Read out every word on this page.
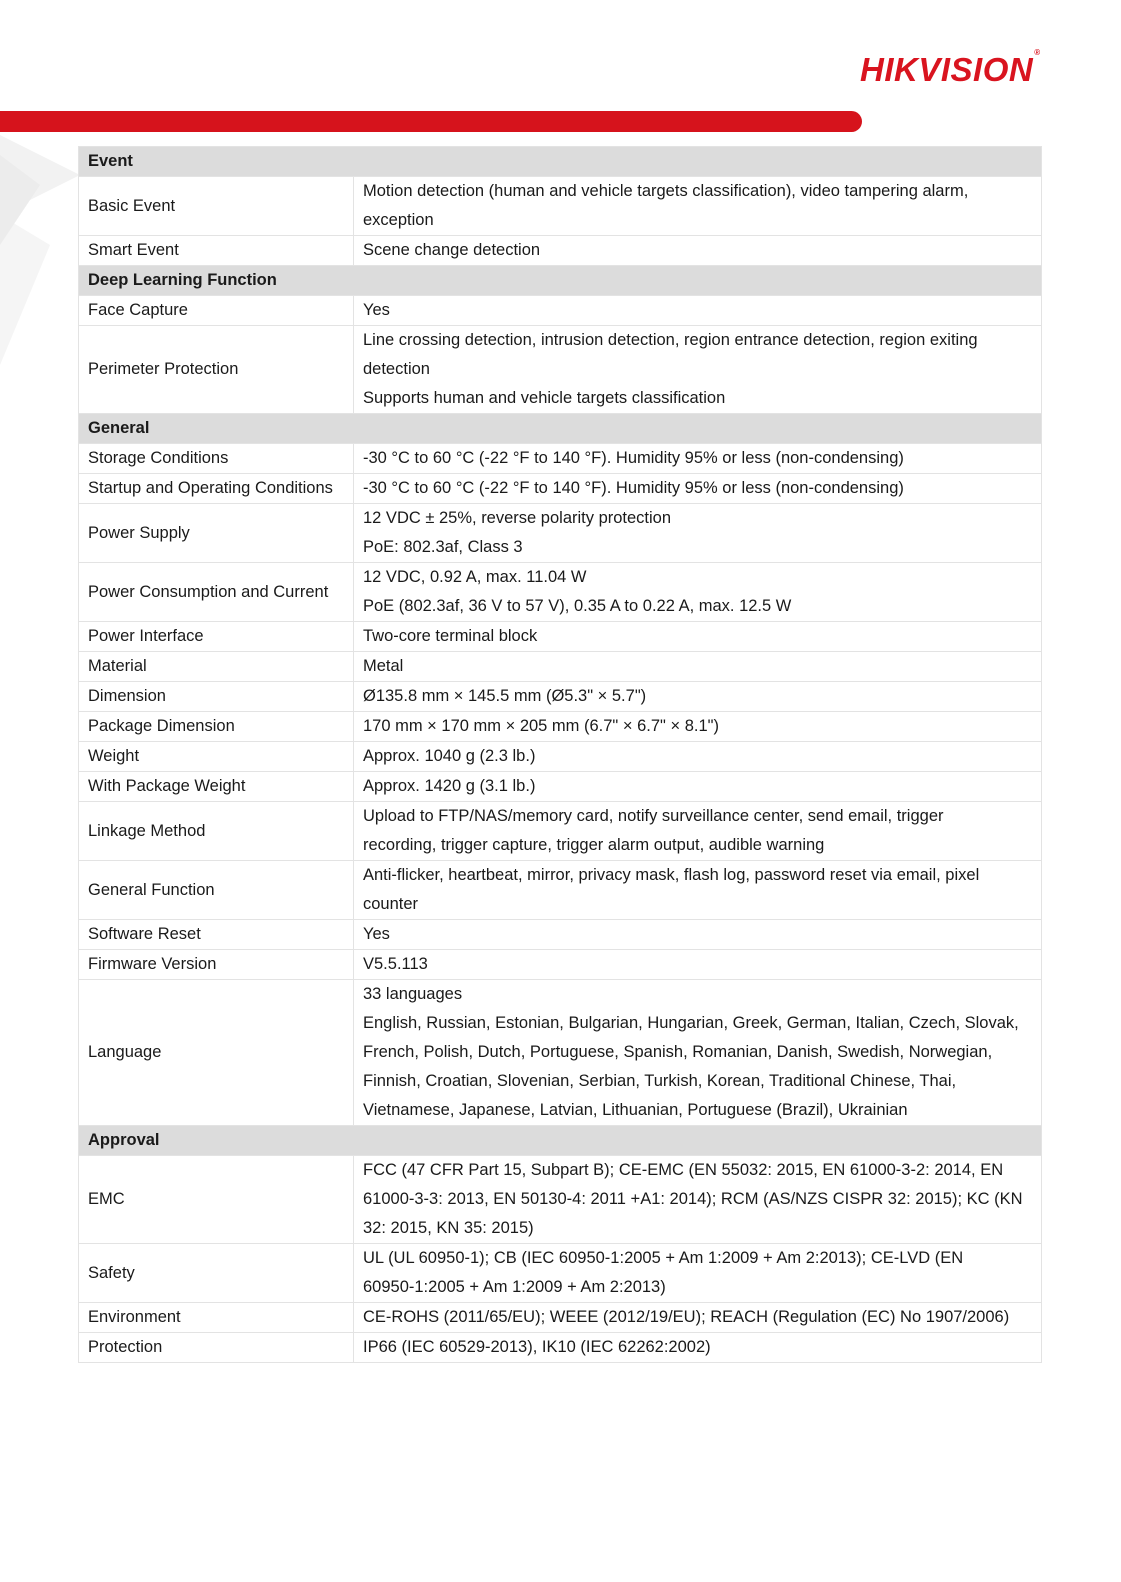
HIKVISION®
Event	
Basic Event	Motion detection (human and vehicle targets classification), video tampering alarm,
exception

Smart Event	Scene change detection

Deep Learning Function	
Face Capture	Yes

Perimeter Protection	Line crossing detection, intrusion detection, region entrance detection, region exiting
detection
Supports human and vehicle targets classification

General	
Storage Conditions	-30 °C to 60 °C (-22 °F to 140 °F). Humidity 95% or less (non-condensing)

Startup and Operating Conditions	-30 °C to 60 °C (-22 °F to 140 °F). Humidity 95% or less (non-condensing)

Power Supply	12 VDC ± 25%, reverse polarity protection
PoE: 802.3af, Class 3

Power Consumption and Current	12 VDC, 0.92 A, max. 11.04 W
PoE (802.3af, 36 V to 57 V), 0.35 A to 0.22 A, max. 12.5 W

Power Interface	Two-core terminal block

Material	Metal

Dimension	Ø135.8 mm × 145.5 mm (Ø5.3" × 5.7")

Package Dimension	170 mm × 170 mm × 205 mm (6.7" × 6.7" × 8.1")

Weight	Approx. 1040 g (2.3 lb.)

With Package Weight	Approx. 1420 g (3.1 lb.)

Linkage Method	Upload to FTP/NAS/memory card, notify surveillance center, send email, trigger
recording, trigger capture, trigger alarm output, audible warning

General Function	Anti-flicker, heartbeat, mirror, privacy mask, flash log, password reset via email, pixel
counter

Software Reset	Yes

Firmware Version	V5.5.113

Language	33 languages
English, Russian, Estonian, Bulgarian, Hungarian, Greek, German, Italian, Czech, Slovak,
French, Polish, Dutch, Portuguese, Spanish, Romanian, Danish, Swedish, Norwegian,
Finnish, Croatian, Slovenian, Serbian, Turkish, Korean, Traditional Chinese, Thai,
Vietnamese, Japanese, Latvian, Lithuanian, Portuguese (Brazil), Ukrainian

Approval	
EMC	FCC (47 CFR Part 15, Subpart B); CE-EMC (EN 55032: 2015, EN 61000-3-2: 2014, EN
61000-3-3: 2013, EN 50130-4: 2011 +A1: 2014); RCM (AS/NZS CISPR 32: 2015); KC (KN
32: 2015, KN 35: 2015)

Safety	UL (UL 60950-1); CB (IEC 60950-1:2005 + Am 1:2009 + Am 2:2013); CE-LVD (EN
60950-1:2005 + Am 1:2009 + Am 2:2013)

Environment	CE-ROHS (2011/65/EU); WEEE (2012/19/EU); REACH (Regulation (EC) No 1907/2006)

Protection	IP66 (IEC 60529-2013), IK10 (IEC 62262:2002)
